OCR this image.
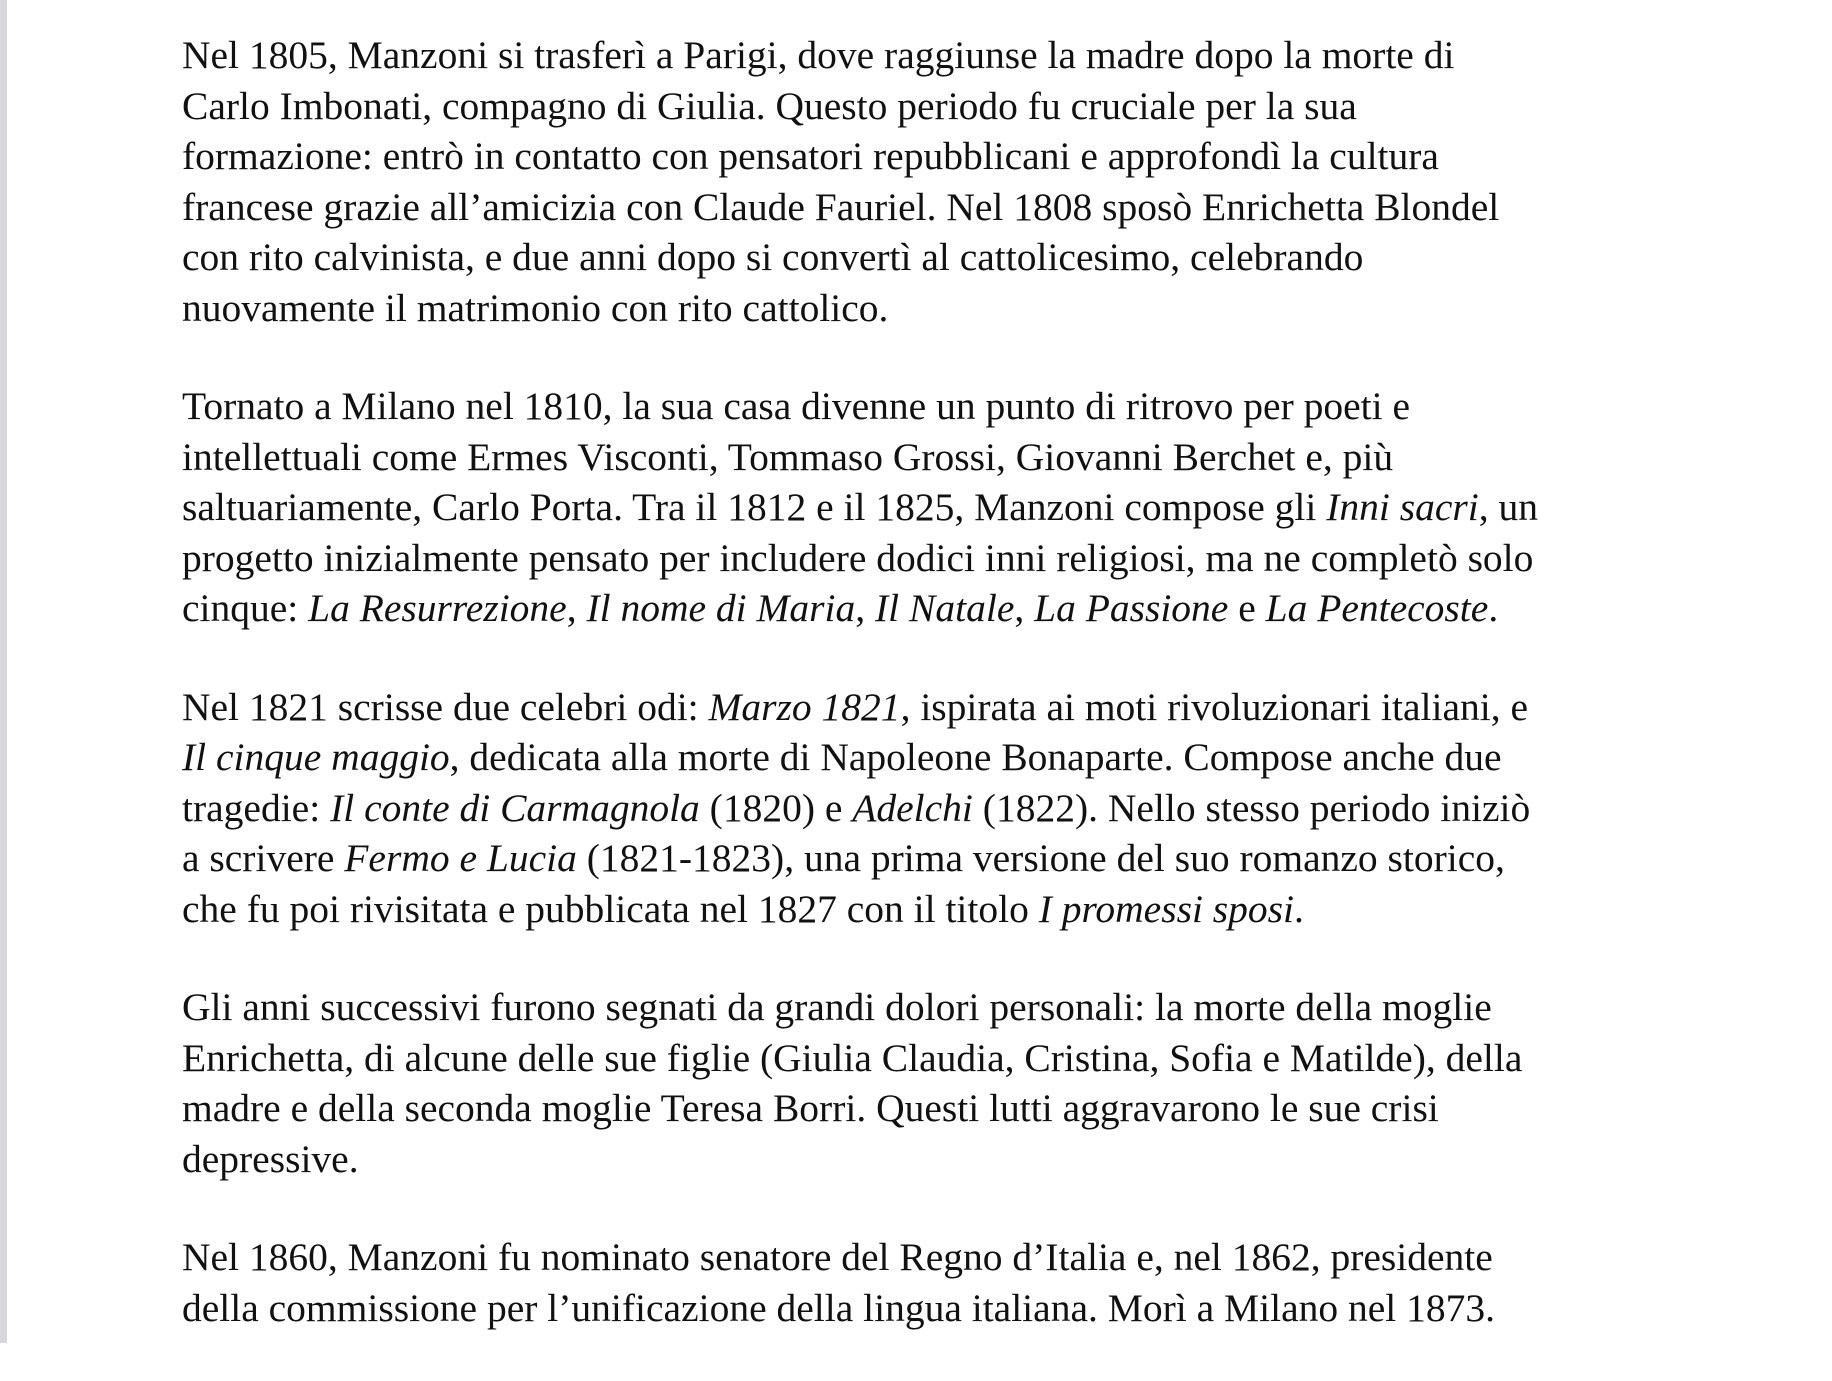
Nel 1805, Manzoni si trasferì a Parigi, dove raggiunse la madre dopo la morte di
Carlo Imbonati, compagno di Giulia. Questo periodo fu cruciale per la sua
formazione: entrò in contatto con pensatori repubblicani e approfondì la cultura
francese grazie all’amicizia con Claude Fauriel. Nel 1808 sposò Enrichetta Blondel
con rito calvinista, e due anni dopo si convertì al cattolicesimo, celebrando
nuovamente il matrimonio con rito cattolico.

Tornato a Milano nel 1810, la sua casa divenne un punto di ritrovo per poeti e
intellettuali come Ermes Visconti, Tommaso Grossi, Giovanni Berchet e, più
saltuariamente, Carlo Porta. Tra il 1812 e il 1825, Manzoni compose gli Inni sacri, un
progetto inizialmente pensato per includere dodici inni religiosi, ma ne completò solo
cinque: La Resurrezione, Il nome di Maria, Il Natale, La Passione e La Pentecoste.

Nel 1821 scrisse due celebri odi: Marzo 1821, ispirata ai moti rivoluzionari italiani, e
Il cinque maggio, dedicata alla morte di Napoleone Bonaparte. Compose anche due
tragedie: Il conte di Carmagnola (1820) e Adelchi (1822). Nello stesso periodo iniziò
a scrivere Fermo e Lucia (1821-1823), una prima versione del suo romanzo storico,
che fu poi rivisitata e pubblicata nel 1827 con il titolo I promessi sposi.

Gli anni successivi furono segnati da grandi dolori personali: la morte della moglie
Enrichetta, di alcune delle sue figlie (Giulia Claudia, Cristina, Sofia e Matilde), della
madre e della seconda moglie Teresa Borri. Questi lutti aggravarono le sue crisi
depressive.

Nel 1860, Manzoni fu nominato senatore del Regno d’Italia e, nel 1862, presidente
della commissione per l’unificazione della lingua italiana. Morì a Milano nel 1873.
